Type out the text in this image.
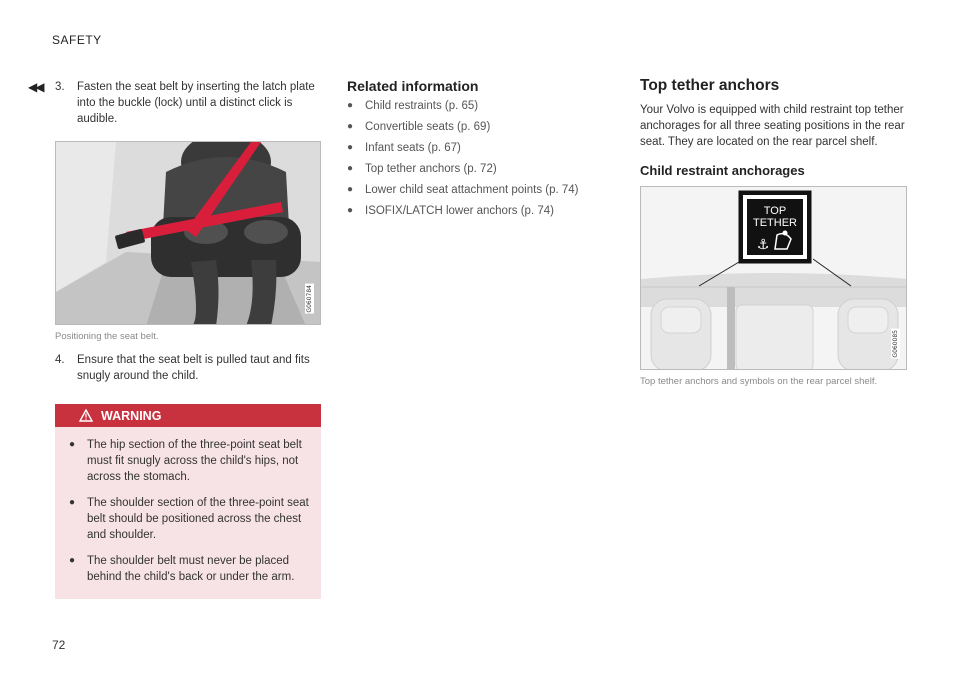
SAFETY
◀◀ 3.	Fasten the seat belt by inserting the latch plate into the buckle (lock) until a distinct click is audible.
G060784
Positioning the seat belt.
4.	Ensure that the seat belt is pulled taut and fits snugly around the child.
WARNING
●	The hip section of the three-point seat belt must fit snugly across the child's hips, not across the stomach.
●	The shoulder section of the three-point seat belt should be positioned across the chest and shoulder.
●	The shoulder belt must never be placed behind the child's back or under the arm.
Related information
●	Child restraints (p. 65)
●	Convertible seats (p. 69)
●	Infant seats (p. 67)
●	Top tether anchors (p. 72)
●	Lower child seat attachment points (p. 74)
●	ISOFIX/LATCH lower anchors (p. 74)
Top tether anchors
Your Volvo is equipped with child restraint top tether anchorages for all three seating positions in the rear seat. They are located on the rear parcel shelf.
Child restraint anchorages
TOP
TETHER
⚓
G060085
Top tether anchors and symbols on the rear parcel shelf.
72
